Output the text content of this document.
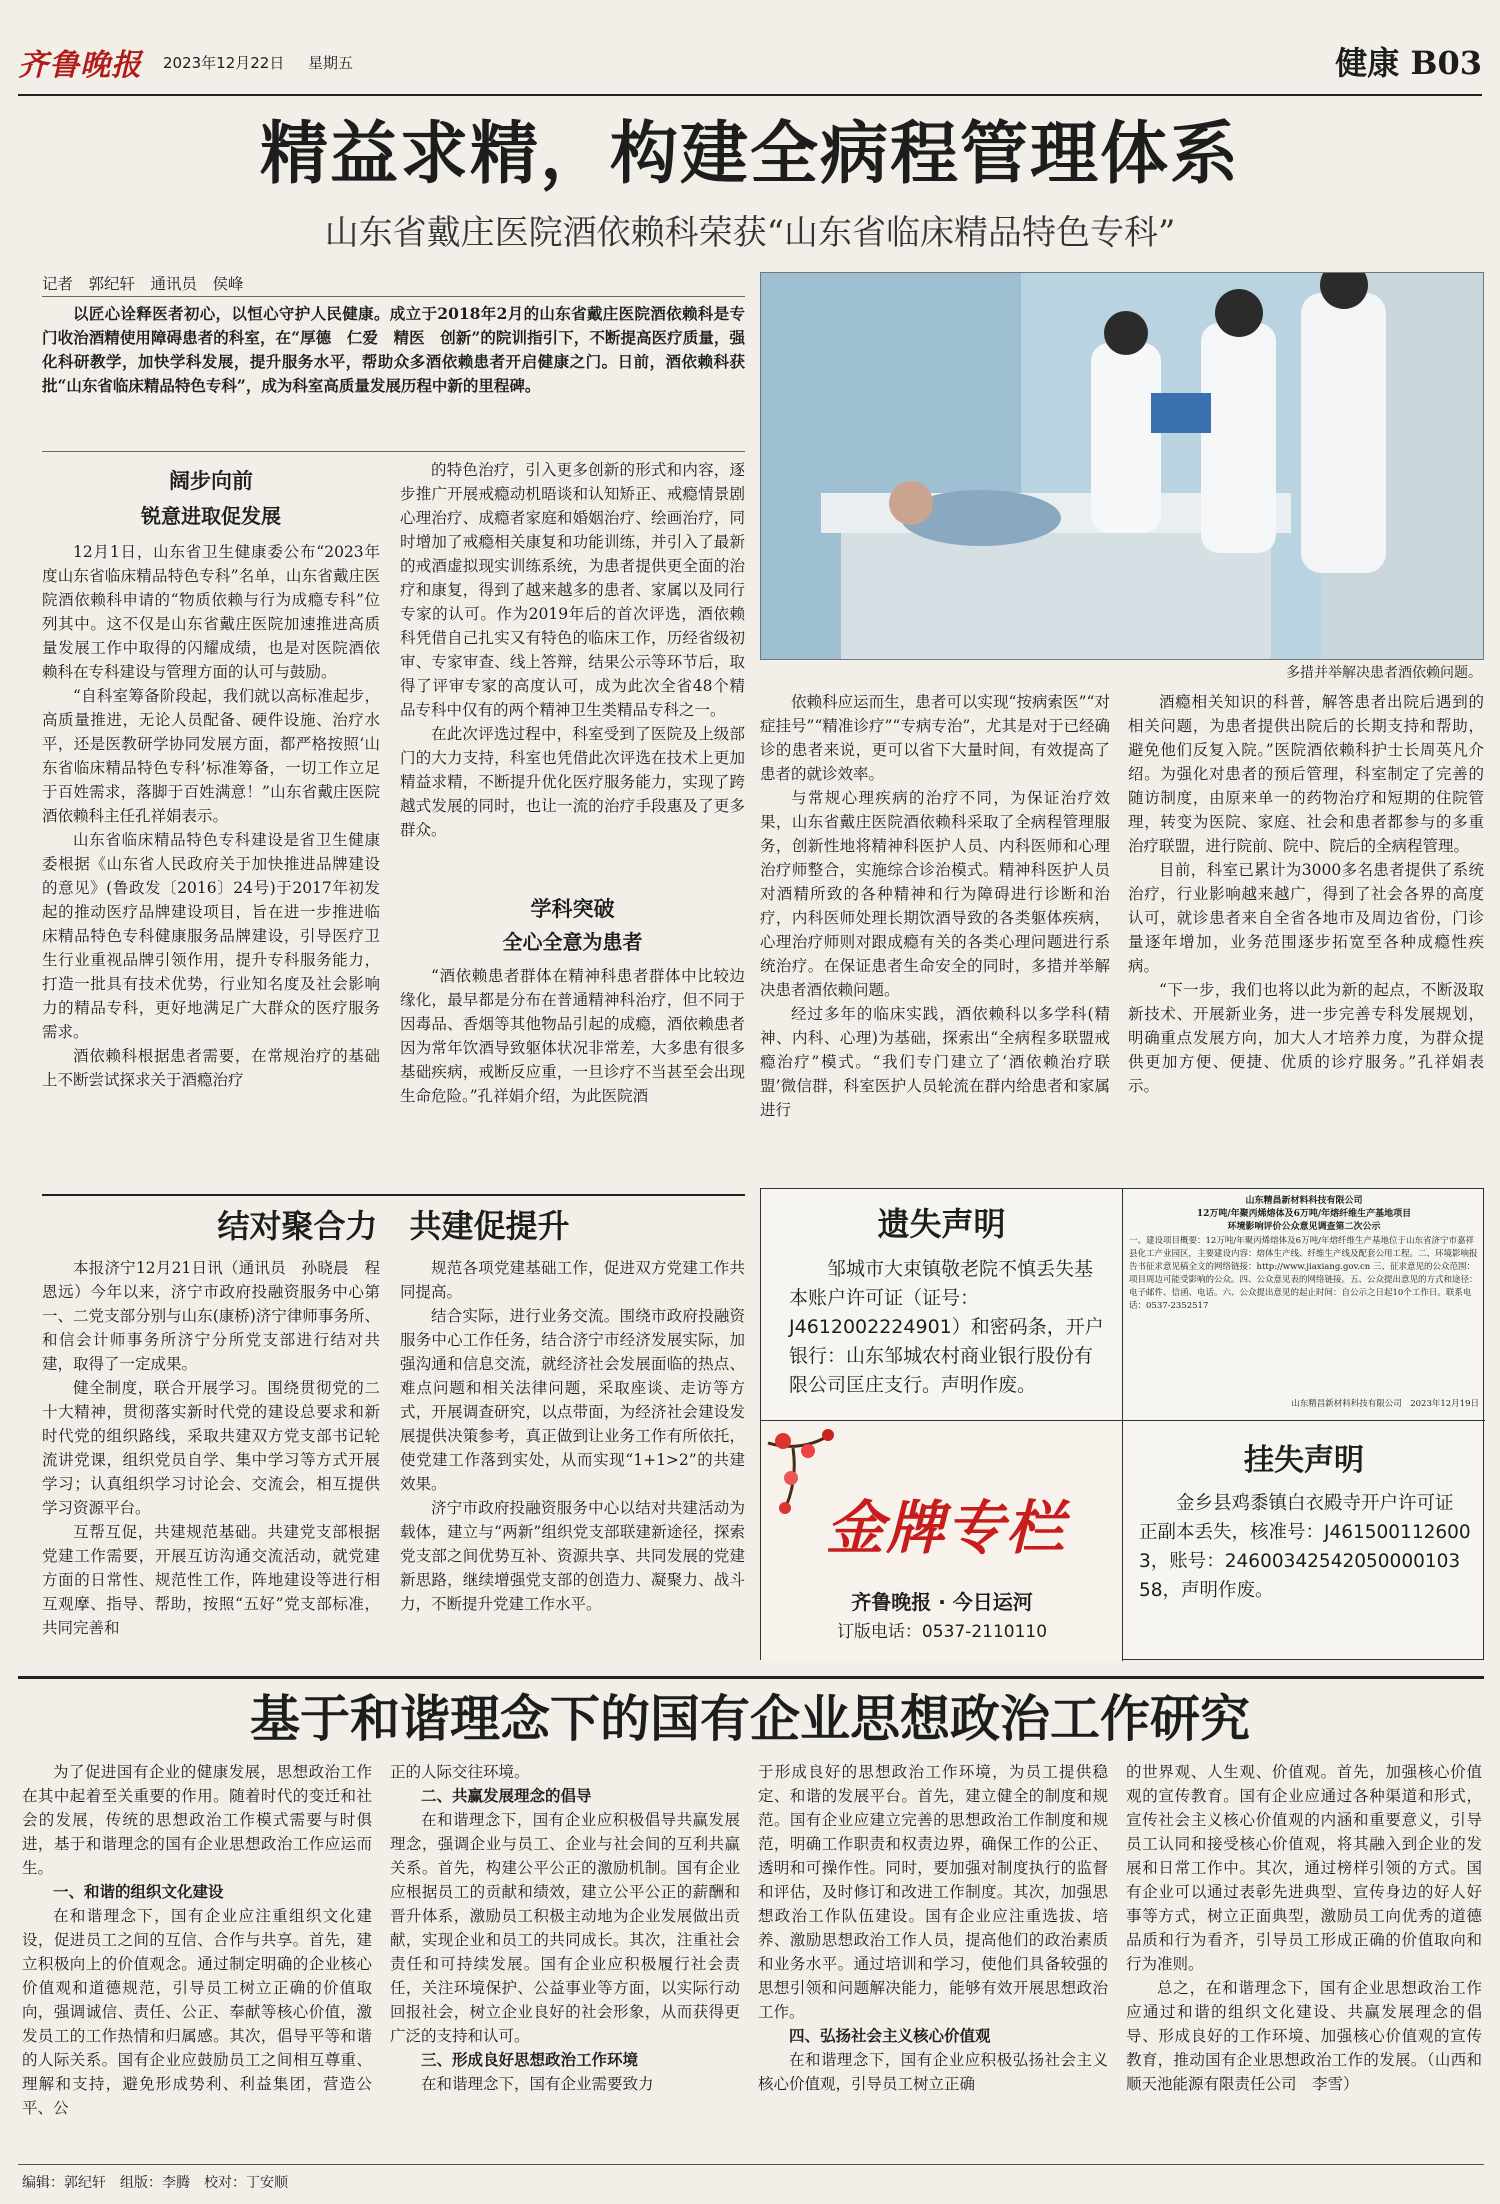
齐鲁晚报 2023年12月22日 星期五	健康 B03
精益求精，构建全病程管理体系
山东省戴庄医院酒依赖科荣获“山东省临床精品特色专科”
记者　郭纪轩　通讯员　侯峰

以匠心诠释医者初心，以恒心守护人民健康。成立于2018年2月的山东省戴庄医院酒依赖科是专门收治酒精使用障碍患者的科室，在“厚德　仁爱　精医　创新”的院训指引下，不断提高医疗质量，强化科研教学，加快学科发展，提升服务水平，帮助众多酒依赖患者开启健康之门。日前，酒依赖科获批“山东省临床精品特色专科”，成为科室高质量发展历程中新的里程碑。

多措并举解决患者酒依赖问题。
阔步向前
锐意进取促发展

12月1日，山东省卫生健康委公布“2023年度山东省临床精品特色专科”名单，山东省戴庄医院酒依赖科申请的“物质依赖与行为成瘾专科”位列其中。这不仅是山东省戴庄医院加速推进高质量发展工作中取得的闪耀成绩，也是对医院酒依赖科在专科建设与管理方面的认可与鼓励。

“自科室筹备阶段起，我们就以高标准起步，高质量推进，无论人员配备、硬件设施、治疗水平，还是医教研学协同发展方面，都严格按照‘山东省临床精品特色专科’标准筹备，一切工作立足于百姓需求，落脚于百姓满意！”山东省戴庄医院酒依赖科主任孔祥娟表示。

山东省临床精品特色专科建设是省卫生健康委根据《山东省人民政府关于加快推进品牌建设的意见》(鲁政发〔2016〕24号)于2017年初发起的推动医疗品牌建设项目，旨在进一步推进临床精品特色专科健康服务品牌建设，引导医疗卫生行业重视品牌引领作用，提升专科服务能力，打造一批具有技术优势，行业知名度及社会影响力的精品专科，更好地满足广大群众的医疗服务需求。

酒依赖科根据患者需要，在常规治疗的基础上不断尝试探求关于酒瘾治疗

的特色治疗，引入更多创新的形式和内容，逐步推广开展戒瘾动机晤谈和认知矫正、戒瘾情景剧心理治疗、成瘾者家庭和婚姻治疗、绘画治疗，同时增加了戒瘾相关康复和功能训练，并引入了最新的戒酒虚拟现实训练系统，为患者提供更全面的治疗和康复，得到了越来越多的患者、家属以及同行专家的认可。作为2019年后的首次评选，酒依赖科凭借自己扎实又有特色的临床工作，历经省级初审、专家审查、线上答辩，结果公示等环节后，取得了评审专家的高度认可，成为此次全省48个精品专科中仅有的两个精神卫生类精品专科之一。

在此次评选过程中，科室受到了医院及上级部门的大力支持，科室也凭借此次评选在技术上更加精益求精，不断提升优化医疗服务能力，实现了跨越式发展的同时，也让一流的治疗手段惠及了更多群众。

学科突破
全心全意为患者

“酒依赖患者群体在精神科患者群体中比较边缘化，最早都是分布在普通精神科治疗，但不同于因毒品、香烟等其他物品引起的成瘾，酒依赖患者因为常年饮酒导致躯体状况非常差，大多患有很多基础疾病，戒断反应重，一旦诊疗不当甚至会出现生命危险。”孔祥娟介绍，为此医院酒

依赖科应运而生，患者可以实现“按病索医”“对症挂号”“精准诊疗”“专病专治”，尤其是对于已经确诊的患者来说，更可以省下大量时间，有效提高了患者的就诊效率。

与常规心理疾病的治疗不同，为保证治疗效果，山东省戴庄医院酒依赖科采取了全病程管理服务，创新性地将精神科医护人员、内科医师和心理治疗师整合，实施综合诊治模式。精神科医护人员对酒精所致的各种精神和行为障碍进行诊断和治疗，内科医师处理长期饮酒导致的各类躯体疾病，心理治疗师则对跟成瘾有关的各类心理问题进行系统治疗。在保证患者生命安全的同时，多措并举解决患者酒依赖问题。

经过多年的临床实践，酒依赖科以多学科(精神、内科、心理)为基础，探索出“全病程多联盟戒瘾治疗”模式。“我们专门建立了‘酒依赖治疗联盟’微信群，科室医护人员轮流在群内给患者和家属进行

酒瘾相关知识的科普，解答患者出院后遇到的相关问题，为患者提供出院后的长期支持和帮助，避免他们反复入院。”医院酒依赖科护士长周英凡介绍。为强化对患者的预后管理，科室制定了完善的随访制度，由原来单一的药物治疗和短期的住院管理，转变为医院、家庭、社会和患者都参与的多重治疗联盟，进行院前、院中、院后的全病程管理。

目前，科室已累计为3000多名患者提供了系统治疗，行业影响越来越广，得到了社会各界的高度认可，就诊患者来自全省各地市及周边省份，门诊量逐年增加，业务范围逐步拓宽至各种成瘾性疾病。

“下一步，我们也将以此为新的起点，不断汲取新技术、开展新业务，进一步完善专科发展规划，明确重点发展方向，加大人才培养力度，为群众提供更加方便、便捷、优质的诊疗服务。”孔祥娟表示。

结对聚合力　共建促提升

本报济宁12月21日讯（通讯员　孙晓晨　程恩远）今年以来，济宁市政府投融资服务中心第一、二党支部分别与山东(康桥)济宁律师事务所、和信会计师事务所济宁分所党支部进行结对共建，取得了一定成果。

健全制度，联合开展学习。围绕贯彻党的二十大精神，贯彻落实新时代党的建设总要求和新时代党的组织路线，采取共建双方党支部书记轮流讲党课，组织党员自学、集中学习等方式开展学习；认真组织学习讨论会、交流会，相互提供学习资源平台。

互帮互促，共建规范基础。共建党支部根据党建工作需要，开展互访沟通交流活动，就党建方面的日常性、规范性工作，阵地建设等进行相互观摩、指导、帮助，按照“五好”党支部标准，共同完善和

规范各项党建基础工作，促进双方党建工作共同提高。

结合实际，进行业务交流。围绕市政府投融资服务中心工作任务，结合济宁市经济发展实际，加强沟通和信息交流，就经济社会发展面临的热点、难点问题和相关法律问题，采取座谈、走访等方式，开展调查研究，以点带面，为经济社会建设发展提供决策参考，真正做到让业务工作有所依托，使党建工作落到实处，从而实现“1+1>2”的共建效果。

济宁市政府投融资服务中心以结对共建活动为载体，建立与“两新”组织党支部联建新途径，探索党支部之间优势互补、资源共享、共同发展的党建新思路，继续增强党支部的创造力、凝聚力、战斗力，不断提升党建工作水平。

遗失声明
邹城市大束镇敬老院不慎丢失基本账户许可证（证号：J4612002224901）和密码条，开户银行：山东邹城农村商业银行股份有限公司匡庄支行。声明作废。
山东精昌新材料科技有限公司
12万吨/年聚丙烯熔体及6万吨/年熔纤维生产基地项目
环境影响评价公众意见调查第二次公示
一、建设项目概要：12万吨/年聚丙烯熔体及6万吨/年熔纤维生产基地位于山东省济宁市嘉祥县化工产业园区，主要建设内容：熔体生产线、纤维生产线及配套公用工程。二、环境影响报告书征求意见稿全文的网络链接：http://www.jiaxiang.gov.cn 三、征求意见的公众范围：项目周边可能受影响的公众。四、公众意见表的网络链接。五、公众提出意见的方式和途径：电子邮件、信函、电话。六、公众提出意见的起止时间：自公示之日起10个工作日。联系电话：0537-2352517
山东精昌新材料科技有限公司　2023年12月19日
金牌专栏
齐鲁晚报 · 今日运河
订版电话：0537-2110110
挂失声明
金乡县鸡黍镇白衣殿寺开户许可证正副本丢失，核准号：J4615001126003，账号：2460034254205000010358，声明作废。
基于和谐理念下的国有企业思想政治工作研究

为了促进国有企业的健康发展，思想政治工作在其中起着至关重要的作用。随着时代的变迁和社会的发展，传统的思想政治工作模式需要与时俱进，基于和谐理念的国有企业思想政治工作应运而生。

一、和谐的组织文化建设

在和谐理念下，国有企业应注重组织文化建设，促进员工之间的互信、合作与共享。首先，建立积极向上的价值观念。通过制定明确的企业核心价值观和道德规范，引导员工树立正确的价值取向，强调诚信、责任、公正、奉献等核心价值，激发员工的工作热情和归属感。其次，倡导平等和谐的人际关系。国有企业应鼓励员工之间相互尊重、理解和支持，避免形成势利、利益集团，营造公平、公

正的人际交往环境。

二、共赢发展理念的倡导

在和谐理念下，国有企业应积极倡导共赢发展理念，强调企业与员工、企业与社会间的互利共赢关系。首先，构建公平公正的激励机制。国有企业应根据员工的贡献和绩效，建立公平公正的薪酬和晋升体系，激励员工积极主动地为企业发展做出贡献，实现企业和员工的共同成长。其次，注重社会责任和可持续发展。国有企业应积极履行社会责任，关注环境保护、公益事业等方面，以实际行动回报社会，树立企业良好的社会形象，从而获得更广泛的支持和认可。

三、形成良好思想政治工作环境

在和谐理念下，国有企业需要致力

于形成良好的思想政治工作环境，为员工提供稳定、和谐的发展平台。首先，建立健全的制度和规范。国有企业应建立完善的思想政治工作制度和规范，明确工作职责和权责边界，确保工作的公正、透明和可操作性。同时，要加强对制度执行的监督和评估，及时修订和改进工作制度。其次，加强思想政治工作队伍建设。国有企业应注重选拔、培养、激励思想政治工作人员，提高他们的政治素质和业务水平。通过培训和学习，使他们具备较强的思想引领和问题解决能力，能够有效开展思想政治工作。

四、弘扬社会主义核心价值观

在和谐理念下，国有企业应积极弘扬社会主义核心价值观，引导员工树立正确

的世界观、人生观、价值观。首先，加强核心价值观的宣传教育。国有企业应通过各种渠道和形式，宣传社会主义核心价值观的内涵和重要意义，引导员工认同和接受核心价值观，将其融入到企业的发展和日常工作中。其次，通过榜样引领的方式。国有企业可以通过表彰先进典型、宣传身边的好人好事等方式，树立正面典型，激励员工向优秀的道德品质和行为看齐，引导员工形成正确的价值取向和行为准则。

总之，在和谐理念下，国有企业思想政治工作应通过和谐的组织文化建设、共赢发展理念的倡导、形成良好的工作环境、加强核心价值观的宣传教育，推动国有企业思想政治工作的发展。（山西和顺天池能源有限责任公司　李雪）

编辑：郭纪轩　组版：李腾　校对：丁安顺
